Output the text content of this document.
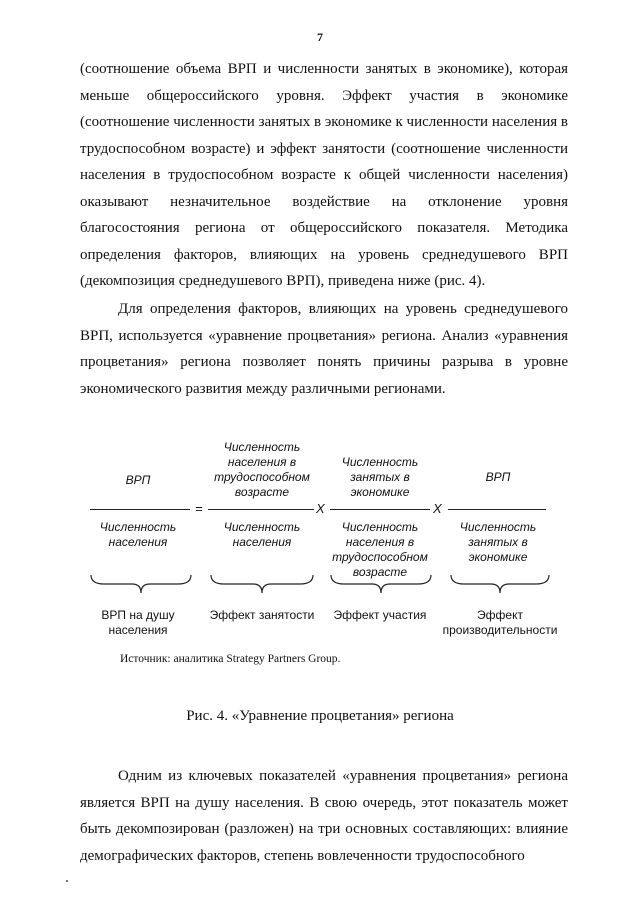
7

(соотношение объема ВРП и численности занятых в экономике), которая меньше общероссийского уровня. Эффект участия в экономике (соотношение численности занятых в экономике к численности населения в трудоспособном возрасте) и эффект занятости (соотношение численности населения в трудоспособном возрасте к общей численности населения) оказывают незначительное воздействие на отклонение уровня благосостояния региона от общероссийского показателя. Методика определения факторов, влияющих на уровень среднедушевого ВРП (декомпозиция среднедушевого ВРП), приведена ниже (рис. 4).

Для определения факторов, влияющих на уровень среднедушевого ВРП, используется «уравнение процветания» региона. Анализ «уравнения процветания» региона позволяет понять причины разрыва в уровне экономического развития между различными регионами.

ВРП
Численность населения в трудоспособном возрасте
Численность занятых в экономике
ВРП
=	X	X
Численность населения
Численность населения
Численность населения в трудоспособном возрасте
Численность занятых в экономике
ВРП на душу населения
Эффект занятости Эффект участия	Эффект производительности
Источник: аналитика Strategy Partners Group.
Рис. 4. «Уравнение процветания» региона

Одним из ключевых показателей «уравнения процветания» региона является ВРП на душу населения. В свою очередь, этот показатель может быть декомпозирован (разложен) на три основных составляющих: влияние демографических факторов, степень вовлеченности трудоспособного
